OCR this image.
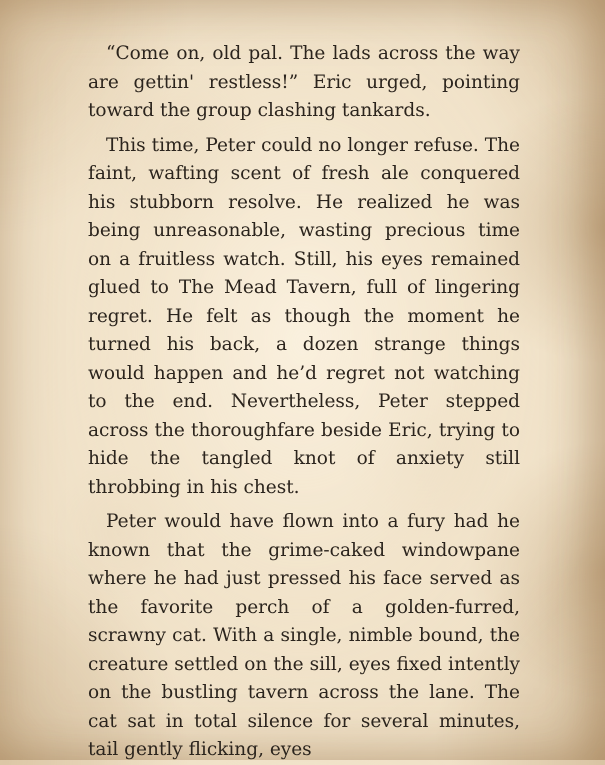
“Come on, old pal. The lads across the way are gettin' restless!” Eric urged, pointing toward the group clashing tankards.

This time, Peter could no longer refuse. The faint, wafting scent of fresh ale conquered his stubborn resolve. He realized he was being unreasonable, wasting precious time on a fruitless watch. Still, his eyes remained glued to The Mead Tavern, full of lingering regret. He felt as though the moment he turned his back, a dozen strange things would happen and he’d regret not watching to the end. Nevertheless, Peter stepped across the thoroughfare beside Eric, trying to hide the tangled knot of anxiety still throbbing in his chest.

Peter would have flown into a fury had he known that the grime-caked windowpane where he had just pressed his face served as the favorite perch of a golden-furred, scrawny cat. With a single, nimble bound, the creature settled on the sill, eyes fixed intently on the bustling tavern across the lane. The cat sat in total silence for several minutes, tail gently flicking, eyes
